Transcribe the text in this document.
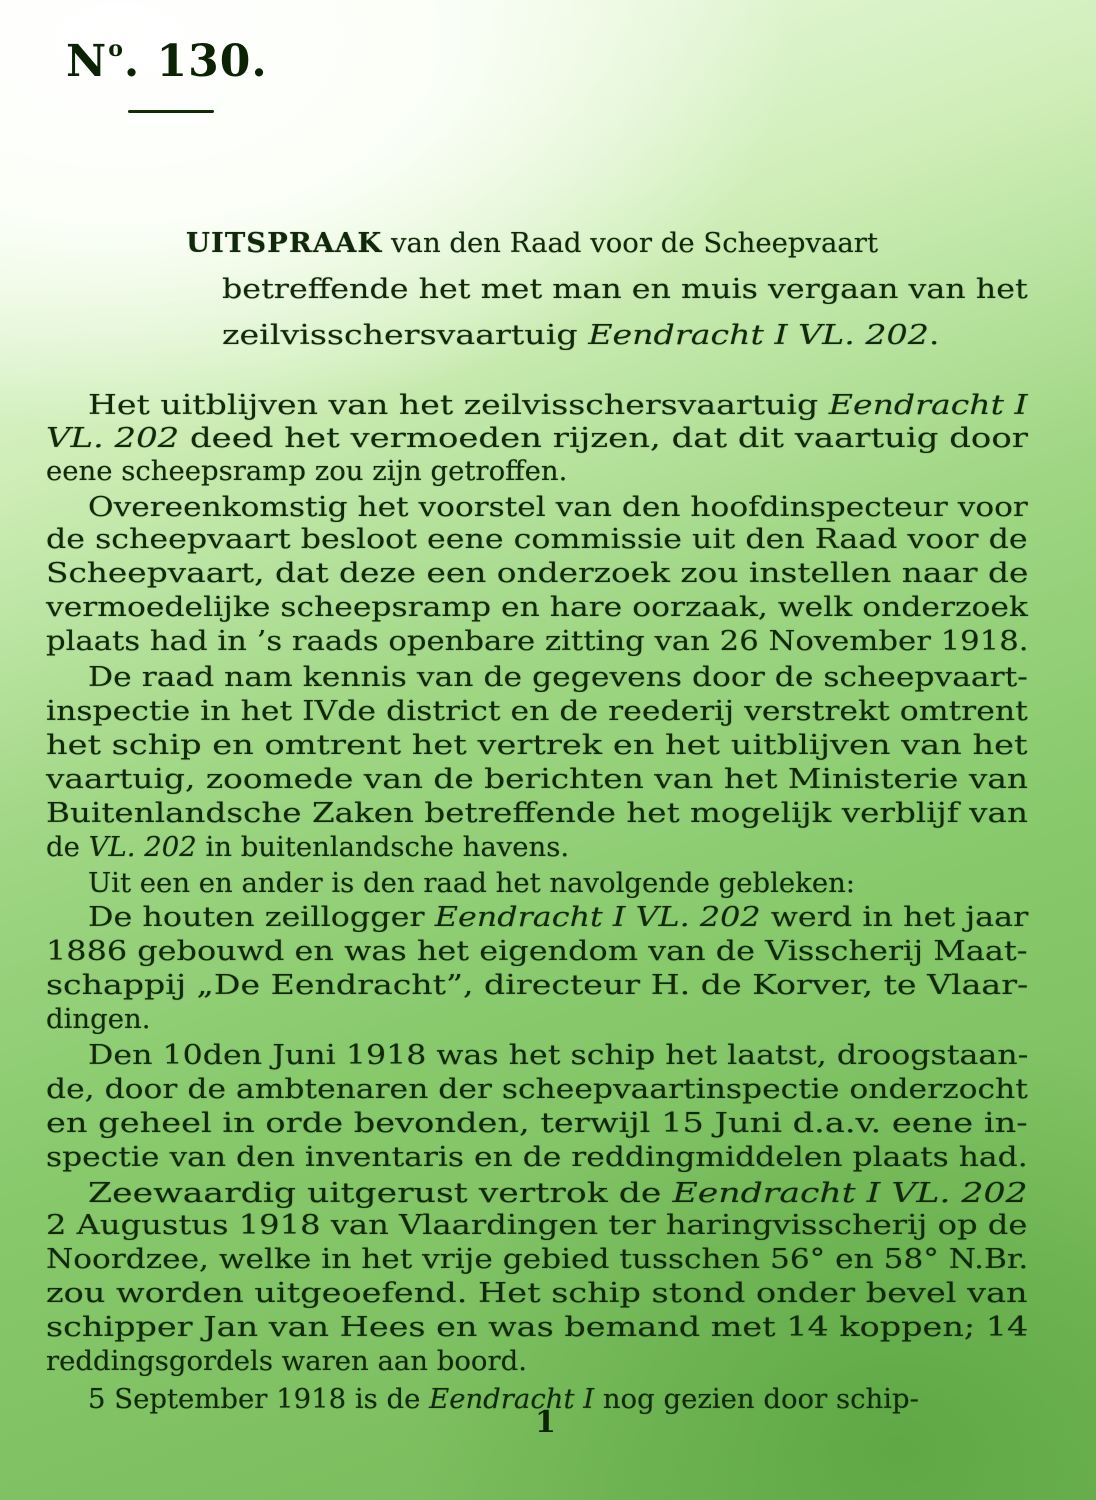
$N^o$. 130.
UITSPRAAK van den Raad voor de Scheepvaart
betreffende het met man en muis vergaan van het
zeilvisschersvaartuig Eendracht I VL. 202.
Het uitblijven van het zeilvisschersvaartuig Eendracht I
VL. 202 deed het vermoeden rijzen, dat dit vaartuig door
eene scheepsramp zou zijn getroffen.
Overeenkomstig het voorstel van den hoofdinspecteur voor
de scheepvaart besloot eene commissie uit den Raad voor de
Scheepvaart, dat deze een onderzoek zou instellen naar de
vermoedelijke scheepsramp en hare oorzaak, welk onderzoek
plaats had in ’s raads openbare zitting van 26 November 1918.
De raad nam kennis van de gegevens door de scheepvaart-
inspectie in het IVde district en de reederij verstrekt omtrent
het schip en omtrent het vertrek en het uitblijven van het
vaartuig, zoomede van de berichten van het Ministerie van
Buitenlandsche Zaken betreffende het mogelijk verblijf van
de VL. 202 in buitenlandsche havens.
Uit een en ander is den raad het navolgende gebleken:
De houten zeillogger Eendracht I VL. 202 werd in het jaar
1886 gebouwd en was het eigendom van de Visscherij Maat-
schappij „De Eendracht”, directeur H. de Korver, te Vlaar-
dingen.
Den 10den Juni 1918 was het schip het laatst, droogstaan-
de, door de ambtenaren der scheepvaartinspectie onderzocht
en geheel in orde bevonden, terwijl 15 Juni d.a.v. eene in-
spectie van den inventaris en de reddingmiddelen plaats had.
Zeewaardig uitgerust vertrok de Eendracht I VL. 202
2 Augustus 1918 van Vlaardingen ter haringvisscherij op de
Noordzee, welke in het vrije gebied tusschen 56° en 58° N.Br.
zou worden uitgeoefend. Het schip stond onder bevel van
schipper Jan van Hees en was bemand met 14 koppen; 14
reddingsgordels waren aan boord.
5 September 1918 is de Eendracht I nog gezien door schip-
1
